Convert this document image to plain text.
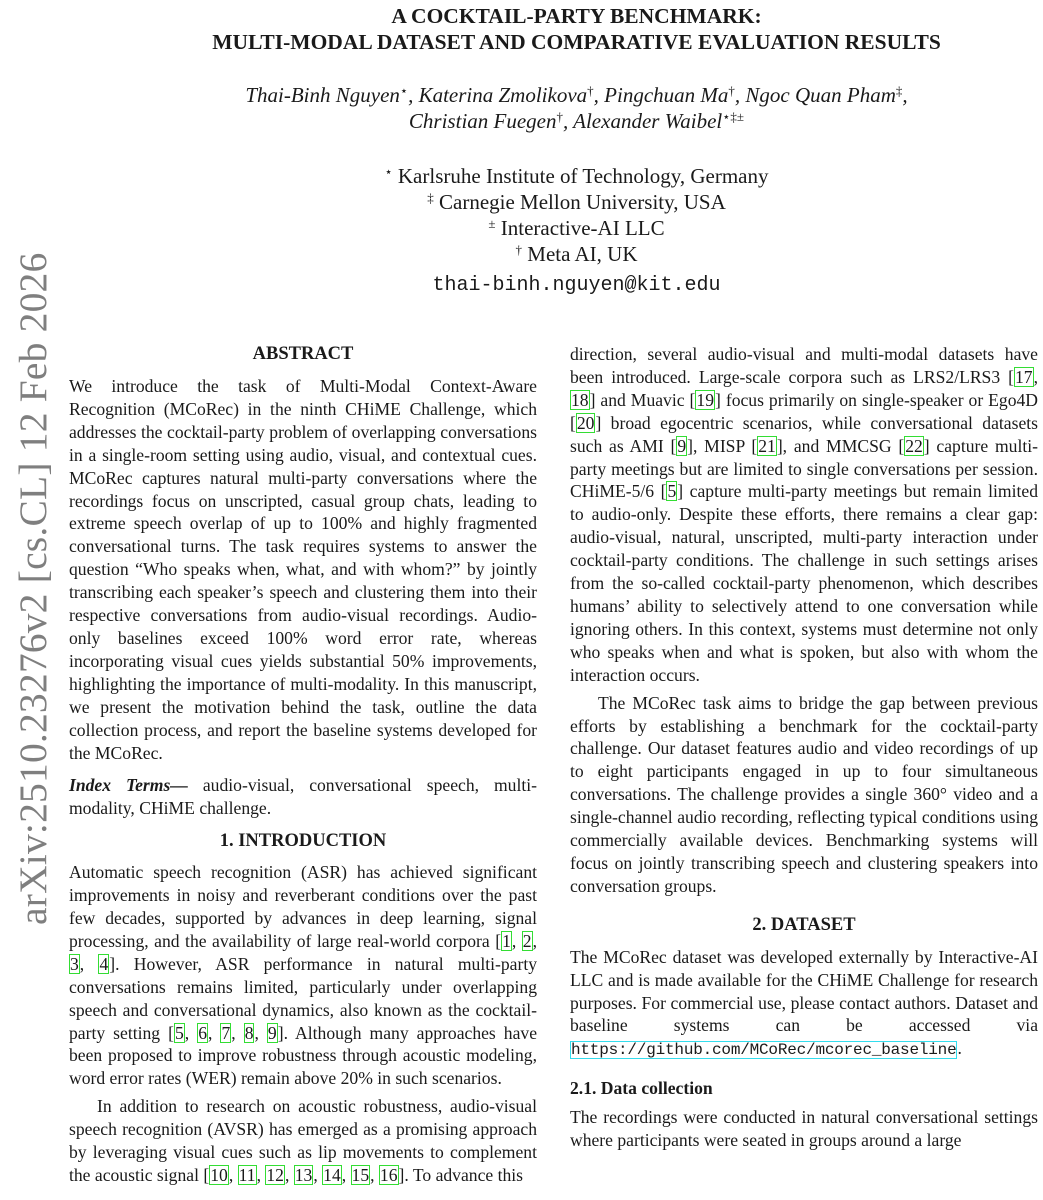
arXiv:2510.23276v2 [cs.CL] 12 Feb 2026
A COCKTAIL-PARTY BENCHMARK:
MULTI-MODAL DATASET AND COMPARATIVE EVALUATION RESULTS
Thai-Binh Nguyen⋆, Katerina Zmolikova†, Pingchuan Ma†, Ngoc Quan Pham‡,
Christian Fuegen†, Alexander Waibel⋆‡±
⋆ Karlsruhe Institute of Technology, Germany
‡ Carnegie Mellon University, USA
± Interactive-AI LLC
† Meta AI, UK
thai-binh.nguyen@kit.edu
ABSTRACT

We introduce the task of Multi-Modal Context-Aware Recognition (MCoRec) in the ninth CHiME Challenge, which addresses the cocktail-party problem of overlapping conversations in a single-room setting using audio, visual, and contextual cues. MCoRec captures natural multi-party conversations where the recordings focus on unscripted, casual group chats, leading to extreme speech overlap of up to 100% and highly fragmented conversational turns. The task requires systems to answer the question “Who speaks when, what, and with whom?” by jointly transcribing each speaker’s speech and clustering them into their respective conversations from audio-visual recordings. Audio-only baselines exceed 100% word error rate, whereas incorporating visual cues yields substantial 50% improvements, highlighting the importance of multi-modality. In this manuscript, we present the motivation behind the task, outline the data collection process, and report the baseline systems developed for the MCoRec.

Index Terms— audio-visual, conversational speech, multi-modality, CHiME challenge.

1. INTRODUCTION

Automatic speech recognition (ASR) has achieved significant improvements in noisy and reverberant conditions over the past few decades, supported by advances in deep learning, signal processing, and the availability of large real-world corpora [1, 2, 3, 4]. However, ASR performance in natural multi-party conversations remains limited, particularly under overlapping speech and conversational dynamics, also known as the cocktail-party setting [5, 6, 7, 8, 9]. Although many approaches have been proposed to improve robustness through acoustic modeling, word error rates (WER) remain above 20% in such scenarios.

In addition to research on acoustic robustness, audio-visual speech recognition (AVSR) has emerged as a promising approach by leveraging visual cues such as lip movements to complement the acoustic signal [10, 11, 12, 13, 14, 15, 16]. To advance this

direction, several audio-visual and multi-modal datasets have been introduced. Large-scale corpora such as LRS2/LRS3 [17, 18] and Muavic [19] focus primarily on single-speaker or Ego4D [20] broad egocentric scenarios, while conversational datasets such as AMI [9], MISP [21], and MMCSG [22] capture multi-party meetings but are limited to single conversations per session. CHiME-5/6 [5] capture multi-party meetings but remain limited to audio-only. Despite these efforts, there remains a clear gap: audio-visual, natural, unscripted, multi-party interaction under cocktail-party conditions. The challenge in such settings arises from the so-called cocktail-party phenomenon, which describes humans’ ability to selectively attend to one conversation while ignoring others. In this context, systems must determine not only who speaks when and what is spoken, but also with whom the interaction occurs.

The MCoRec task aims to bridge the gap between previous efforts by establishing a benchmark for the cocktail-party challenge. Our dataset features audio and video recordings of up to eight participants engaged in up to four simultaneous conversations. The challenge provides a single 360° video and a single-channel audio recording, reflecting typical conditions using commercially available devices. Benchmarking systems will focus on jointly transcribing speech and clustering speakers into conversation groups.

2. DATASET

The MCoRec dataset was developed externally by Interactive-AI LLC and is made available for the CHiME Challenge for research purposes. For commercial use, please contact authors. Dataset and baseline systems can be accessed via https://github.com/MCoRec/mcorec_baseline.

2.1. Data collection

The recordings were conducted in natural conversational settings where participants were seated in groups around a large
